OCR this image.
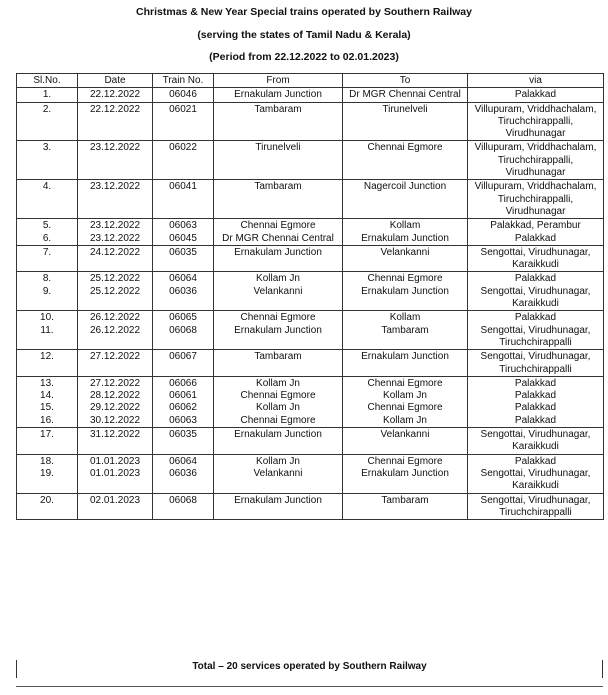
Christmas & New Year Special trains operated by Southern Railway
(serving the states of Tamil Nadu & Kerala)
(Period from 22.12.2022 to 02.01.2023)
Sl.No.	Date	Train No.	From	To	via
1.	22.12.2022	06046	Ernakulam Junction	Dr MGR Chennai Central	Palakkad
2.	22.12.2022	06021	Tambaram	Tirunelveli	Villupuram, Vriddhachalam, Tiruchchirappalli, Virudhunagar
3.	23.12.2022	06022	Tirunelveli	Chennai Egmore	Villupuram, Vriddhachalam, Tiruchchirappalli, Virudhunagar
4.	23.12.2022	06041	Tambaram	Nagercoil Junction	Villupuram, Vriddhachalam, Tiruchchirappalli, Virudhunagar
5.	23.12.2022	06063	Chennai Egmore	Kollam	Palakkad, Perambur
6.	23.12.2022	06045	Dr MGR Chennai Central	Ernakulam Junction	Palakkad
7.	24.12.2022	06035	Ernakulam Junction	Velankanni	Sengottai, Virudhunagar, Karaikkudi
8.	25.12.2022	06064	Kollam Jn	Chennai Egmore	Palakkad
9.	25.12.2022	06036	Velankanni	Ernakulam Junction	Sengottai, Virudhunagar, Karaikkudi
10.	26.12.2022	06065	Chennai Egmore	Kollam	Palakkad
11.	26.12.2022	06068	Ernakulam Junction	Tambaram	Sengottai, Virudhunagar, Tiruchchirappalli
12.	27.12.2022	06067	Tambaram	Ernakulam Junction	Sengottai, Virudhunagar, Tiruchchirappalli
13.	27.12.2022	06066	Kollam Jn	Chennai Egmore	Palakkad
14.	28.12.2022	06061	Chennai Egmore	Kollam Jn	Palakkad
15.	29.12.2022	06062	Kollam Jn	Chennai Egmore	Palakkad
16.	30.12.2022	06063	Chennai Egmore	Kollam Jn	Palakkad
17.	31.12.2022	06035	Ernakulam Junction	Velankanni	Sengottai, Virudhunagar, Karaikkudi
18.	01.01.2023	06064	Kollam Jn	Chennai Egmore	Palakkad
19.	01.01.2023	06036	Velankanni	Ernakulam Junction	Sengottai, Virudhunagar, Karaikkudi
20.	02.01.2023	06068	Ernakulam Junction	Tambaram	Sengottai, Virudhunagar, Tiruchchirappalli
Total – 20 services operated by Southern Railway
